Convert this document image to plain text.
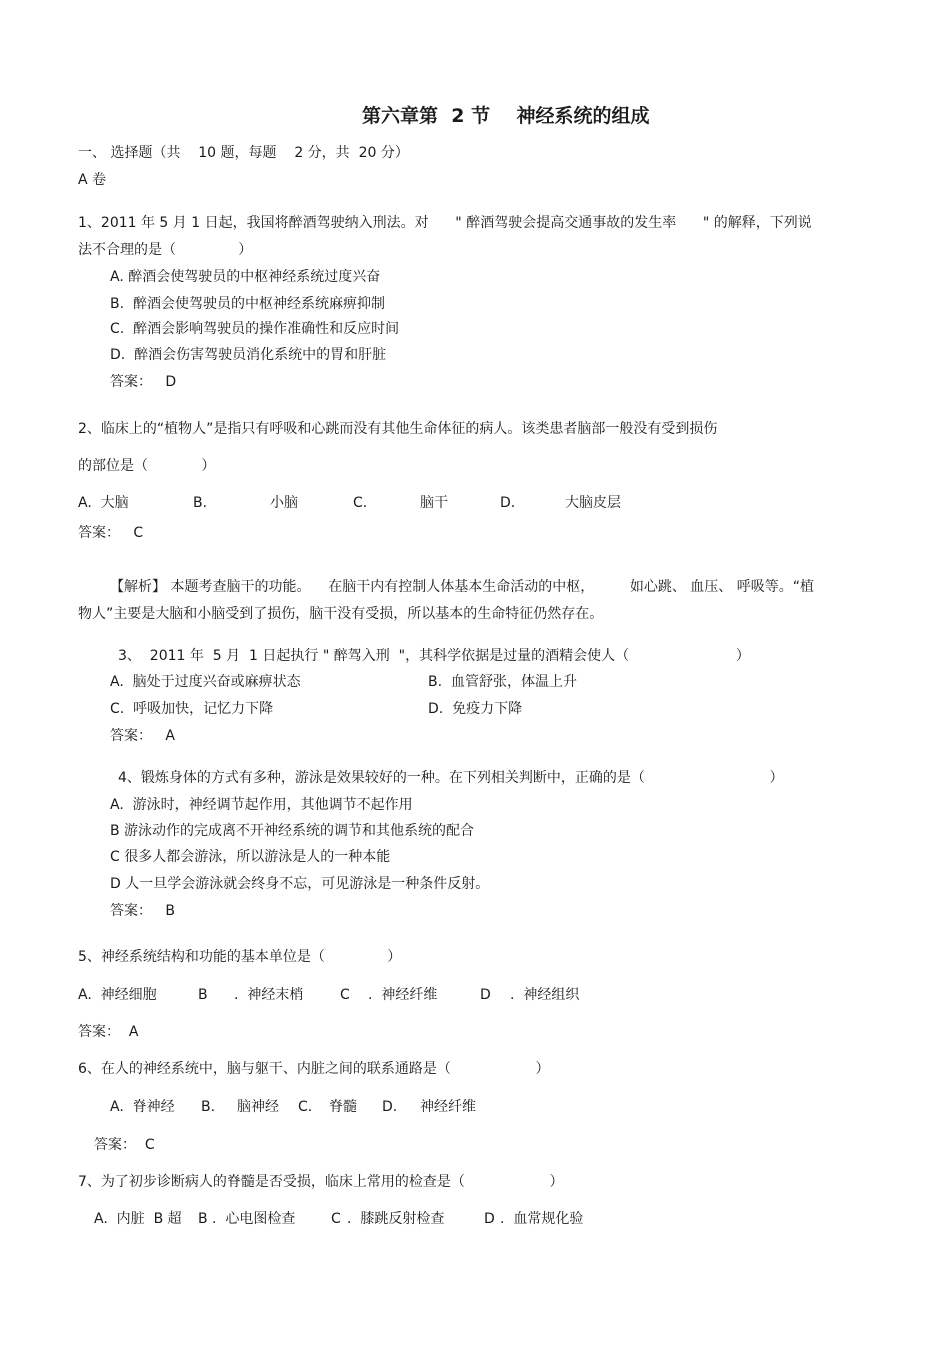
第六章第  2 节    神经系统的组成
一、 选择题（共    10 题，每题    2 分，共  20 分）
A 卷
1、2011 年 5 月 1 日起，我国将醉酒驾驶纳入刑法。对      " 醉酒驾驶会提高交通事故的发生率      " 的解释，下列说
法不合理的是（              ）
A. 醉酒会使驾驶员的中枢神经系统过度兴奋
B.  醉酒会使驾驶员的中枢神经系统麻痹抑制
C.  醉酒会影响驾驶员的操作准确性和反应时间
D.  醉酒会伤害驾驶员消化系统中的胃和肝脏
答案：   D
2、临床上的“植物人”是指只有呼吸和心跳而没有其他生命体征的病人。该类患者脑部一般没有受到损伤
的部位是（            ）
A.  大脑	B.	小脑	C.	脑干	D.	大脑皮层
答案：   C
【解析】 本题考查脑干的功能。    在脑干内有控制人体基本生命活动的中枢，        如心跳、 血压、 呼吸等。“植
物人”主要是大脑和小脑受到了损伤，脑干没有受损，所以基本的生命特征仍然存在。
3、  2011 年  5 月  1 日起执行 " 醉驾入刑  "，其科学依据是过量的酒精会使人（                        ）
A.  脑处于过度兴奋或麻痹状态	B.  血管舒张，体温上升
C.  呼吸加快，记忆力下降	D.  免疫力下降
答案：   A
4、锻炼身体的方式有多种，游泳是效果较好的一种。在下列相关判断中，正确的是（                            ）
A.  游泳时，神经调节起作用，其他调节不起作用
B 游泳动作的完成离不开神经系统的调节和其他系统的配合
C 很多人都会游泳，所以游泳是人的一种本能
D 人一旦学会游泳就会终身不忘，可见游泳是一种条件反射。
答案：   B
5、神经系统结构和功能的基本单位是（              ）
A.  神经细胞	B .  神经末梢	C .  神经纤维	D .  神经组织
答案：  A
6、在人的神经系统中，脑与躯干、内脏之间的联系通路是（                   ）
A.  脊神经 B. 脑神经 C. 脊髓 D. 神经纤维
答案：  C
7、为了初步诊断病人的脊髓是否受损，临床上常用的检查是（                   ）
A.  内脏  B 超 B .  心电图检查	C .  膝跳反射检查	D .  血常规化验
